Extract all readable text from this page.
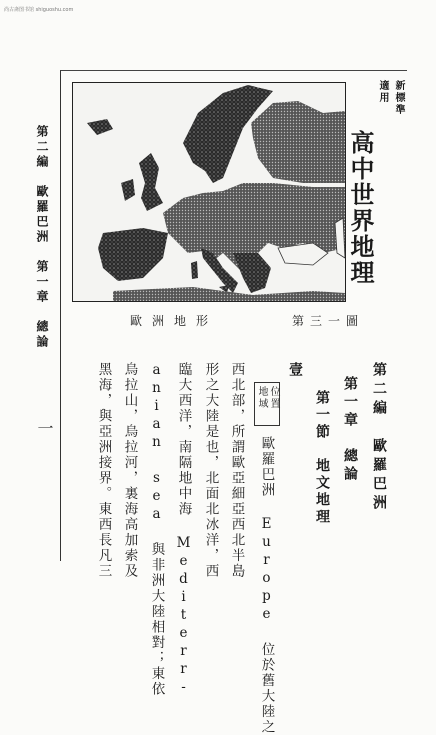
尚古斋图书馆 shiguoshu.com
第二編　歐羅巴洲　第一章　總論
新標準
適用
高中世界地理
第三一圖
歐洲地形
第二編　歐羅巴洲
第一章　總論
第一節　地文地理
壹
位置
地域
歐羅巴洲 Europe 位於舊大陸之
西北部，所謂歐亞細亞西北半島
形之大陸是也，北面北冰洋，西
臨大西洋，南隔地中海 Mediterr-
anian sea 與非洲大陸相對；東依
烏拉山，烏拉河，裏海高加索及
黑海，與亞洲接界。東西長凡三
一
